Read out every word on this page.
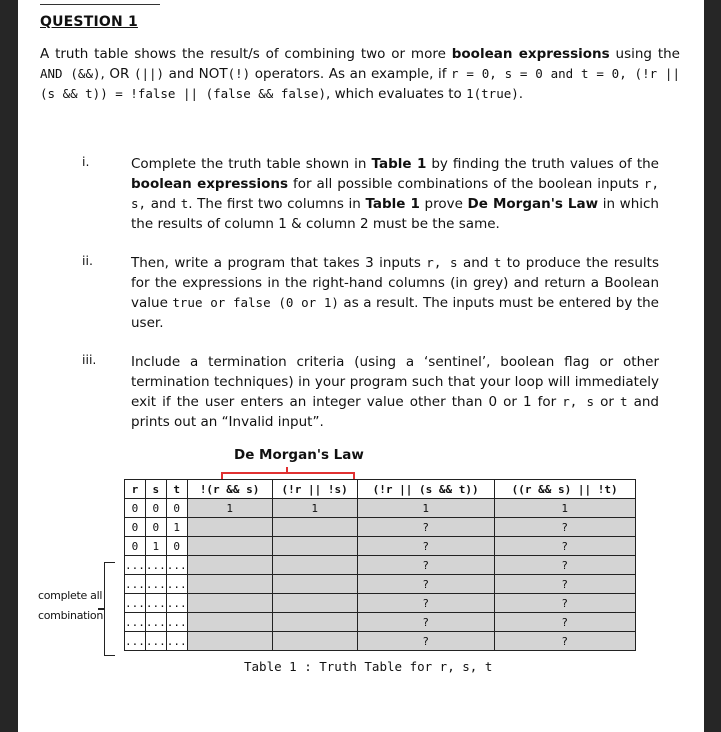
QUESTION 1
A truth table shows the result/s of combining two or more boolean expressions using the AND (&&), OR (||) and NOT(!) operators. As an example, if r = 0, s = 0 and t = 0, (!r || (s && t)) = !false || (false && false), which evaluates to 1(true).
i.	Complete the truth table shown in Table 1 by finding the truth values of the boolean expressions for all possible combinations of the boolean inputs r, s, and t. The first two columns in Table 1 prove De Morgan's Law in which the results of column 1 & column 2 must be the same.
ii.	Then, write a program that takes 3 inputs r, s and t to produce the results for the expressions in the right-hand columns (in grey) and return a Boolean value true or false (0 or 1) as a result. The inputs must be entered by the user.
iii.	Include a termination criteria (using a ‘sentinel’, boolean flag or other termination techniques) in your program such that your loop will immediately exit if the user enters an integer value other than 0 or 1 for r, s or t and prints out an “Invalid input”.
De Morgan's Law
r	s	t	!(r && s)	(!r || !s)	(!r || (s && t))	((r && s) || !t)
0	0	0	1	1	1	1
0	0	1			?	?
0	1	0			?	?
...	...	...			?	?
...	...	...			?	?
...	...	...			?	?
...	...	...			?	?
...	...	...			?	?
Table 1 : Truth Table for r, s, t
complete all combination
